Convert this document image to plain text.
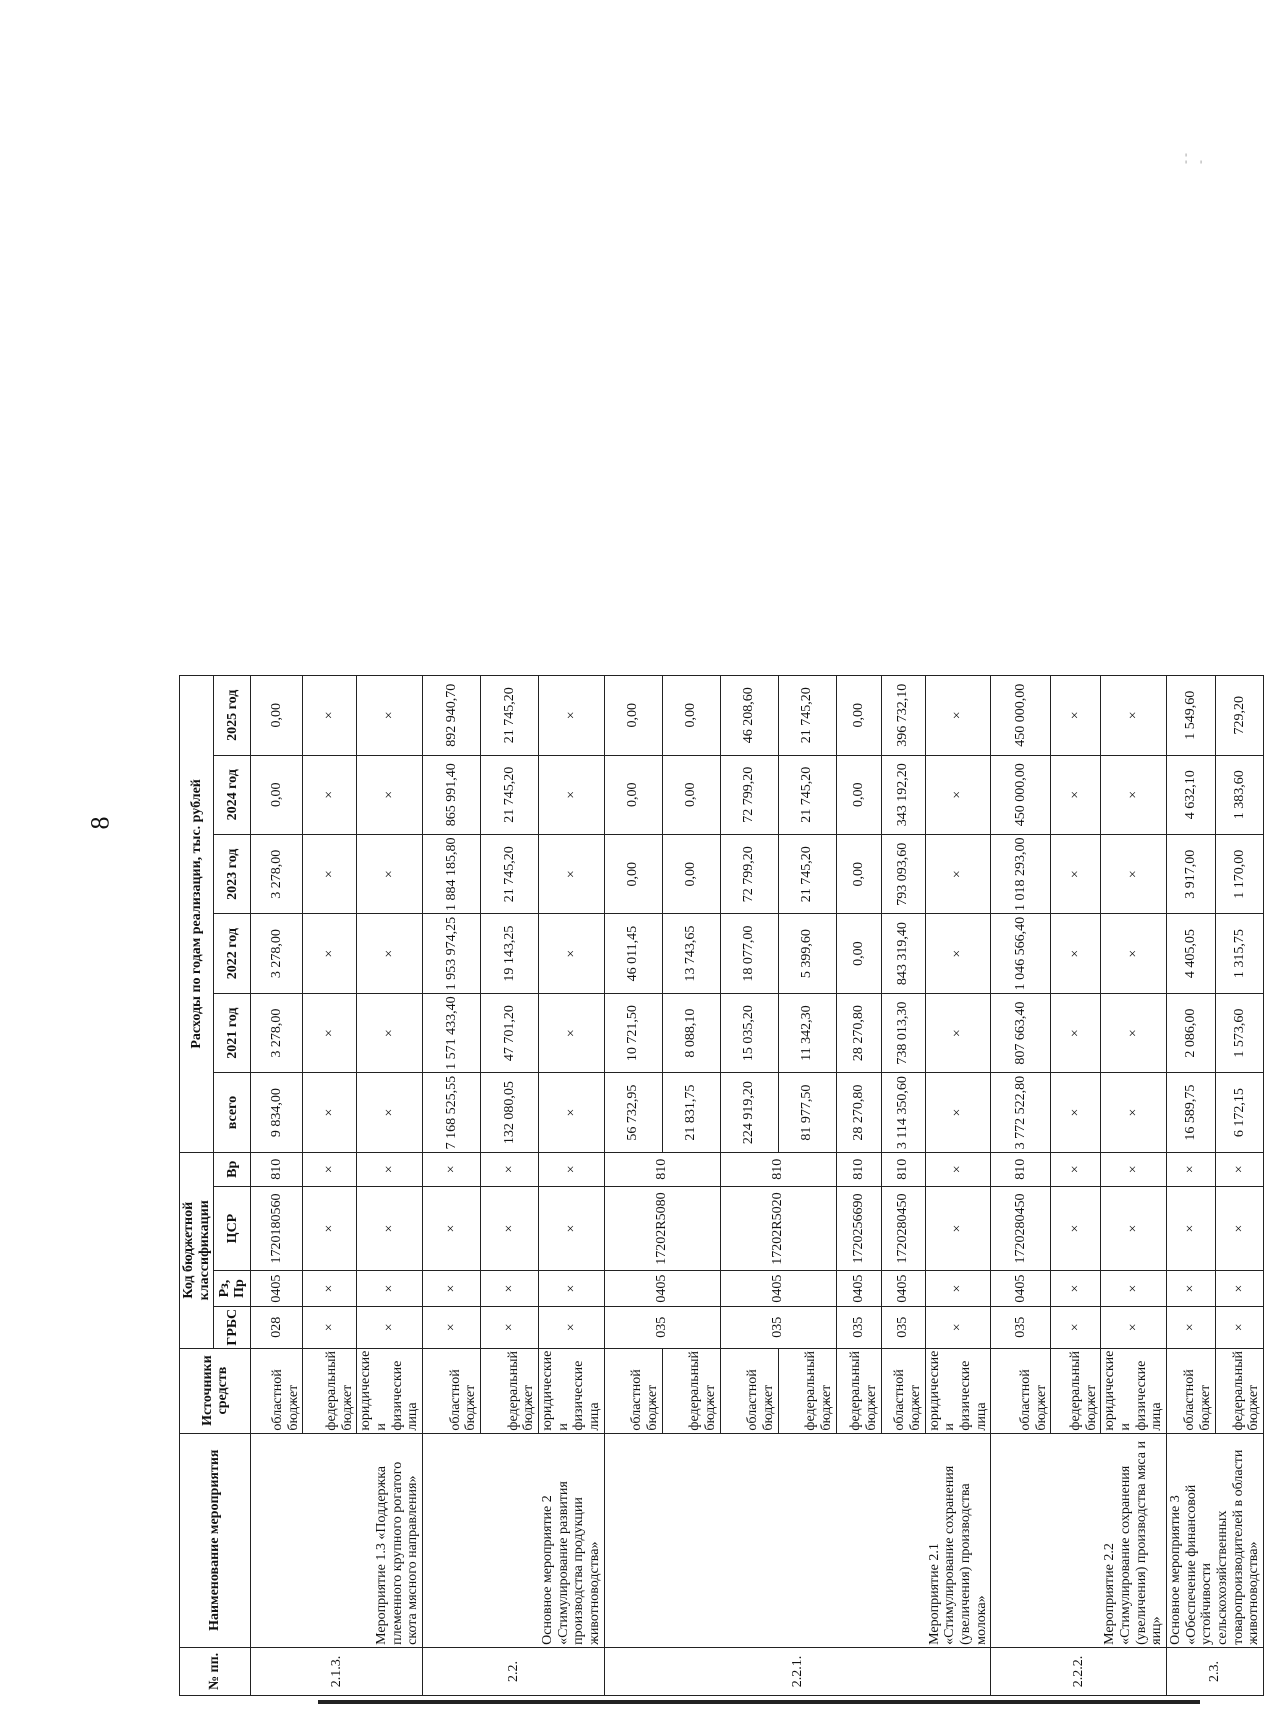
8
- - -
№ пп.	Наименование мероприятия	Источники средств	Код бюджетной классификации				Расходы по годам реализации, тыс. рублей					
			ГРБС	Рз, Пр	ЦСР	Вр	всего	2021 год	2022 год	2023 год	2024 год	2025 год
2.1.3.	Мероприятие 1.3 «Поддержка племенного крупного рогатого скота мясного направления»	областной бюджет	028	0405	1720180560	810	9 834,00	3 278,00	3 278,00	3 278,00	0,00	0,00
		федеральный бюджет	×	×	×	×	×	×	×	×	×	×
		юридические и физические лица	×	×	×	×	×	×	×	×	×	×
2.2.	Основное мероприятие 2 «Стимулирование развития производства продукции животноводства»	областной бюджет	×	×	×	×	7 168 525,55	1 571 433,40	1 953 974,25	1 884 185,80	865 991,40	892 940,70
		федеральный бюджет	×	×	×	×	132 080,05	47 701,20	19 143,25	21 745,20	21 745,20	21 745,20
		юридические и физические лица	×	×	×	×	×	×	×	×	×	×
2.2.1.	Мероприятие 2.1 «Стимулирование сохранения (увеличения) производства молока»	областной бюджет	035	0405	17202R5080	810	56 732,95	10 721,50	46 011,45	0,00	0,00	0,00
		федеральный бюджет					21 831,75	8 088,10	13 743,65	0,00	0,00	0,00
		областной бюджет	035	0405	17202R5020	810	224 919,20	15 035,20	18 077,00	72 799,20	72 799,20	46 208,60
		федеральный бюджет					81 977,50	11 342,30	5 399,60	21 745,20	21 745,20	21 745,20
		федеральный бюджет	035	0405	1720256690	810	28 270,80	28 270,80	0,00	0,00	0,00	0,00
		областной бюджет	035	0405	1720280450	810	3 114 350,60	738 013,30	843 319,40	793 093,60	343 192,20	396 732,10
		юридические и физические лица	×	×	×	×	×	×	×	×	×	×
2.2.2.	Мероприятие 2.2 «Стимулирование сохранения (увеличения) производства мяса и яиц»	областной бюджет	035	0405	1720280450	810	3 772 522,80	807 663,40	1 046 566,40	1 018 293,00	450 000,00	450 000,00
		федеральный бюджет	×	×	×	×	×	×	×	×	×	×
		юридические и физические лица	×	×	×	×	×	×	×	×	×	×
2.3.	Основное мероприятие 3 «Обеспечение финансовой устойчивости сельскохозяйственных товаропроизводителей в области животноводства»	областной бюджет	×	×	×	×	16 589,75	2 086,00	4 405,05	3 917,00	4 632,10	1 549,60
		федеральный бюджет	×	×	×	×	6 172,15	1 573,60	1 315,75	1 170,00	1 383,60	729,20
